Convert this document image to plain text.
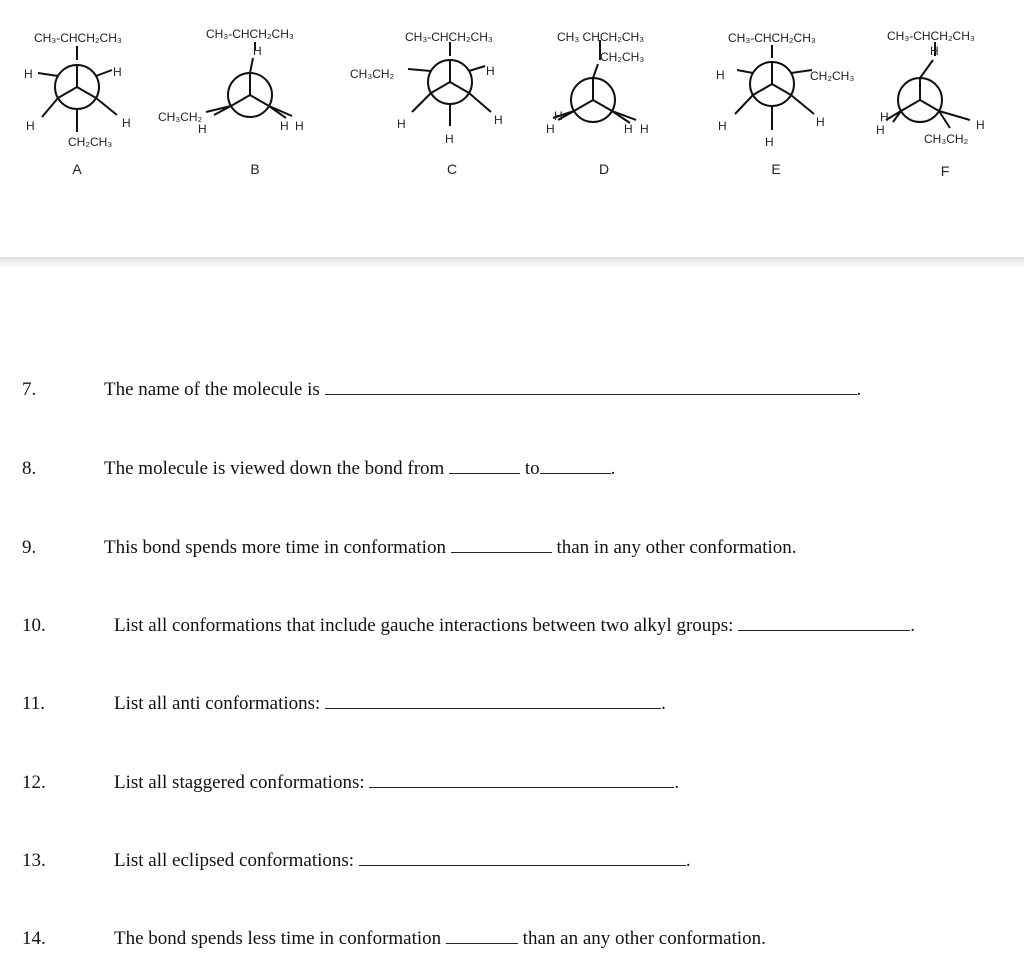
CH₃-CHCH₂CH₃
H	H
H	H
CH₂CH₃
CH₃-CHCH₂CH₃
H
CH₃CH₂
H	H H
CH₃-CHCH₂CH₃
CH₃CH₂	H
H	H
H
CH₃ CHCH₂CH₃
CH₂CH₃
H
H	H H
CH₃-CHCH₂CH₃
H	CH₂CH₃
H	H
H
CH₃-CHCH₂CH₃
H
H
H
CH₃CH₂
H
A	B	C	D	E	F
7.	The name of the molecule is	.
8.	The molecule is viewed down the bond from	to	.
9.	This bond spends more time in conformation	than in any other conformation.
10.	List all conformations that include gauche interactions between two alkyl groups:	.
11.	List all anti conformations:	.
12.	List all staggered conformations:	.
13.	List all eclipsed conformations:	.
14.	The bond spends less time in conformation	than an any other conformation.
